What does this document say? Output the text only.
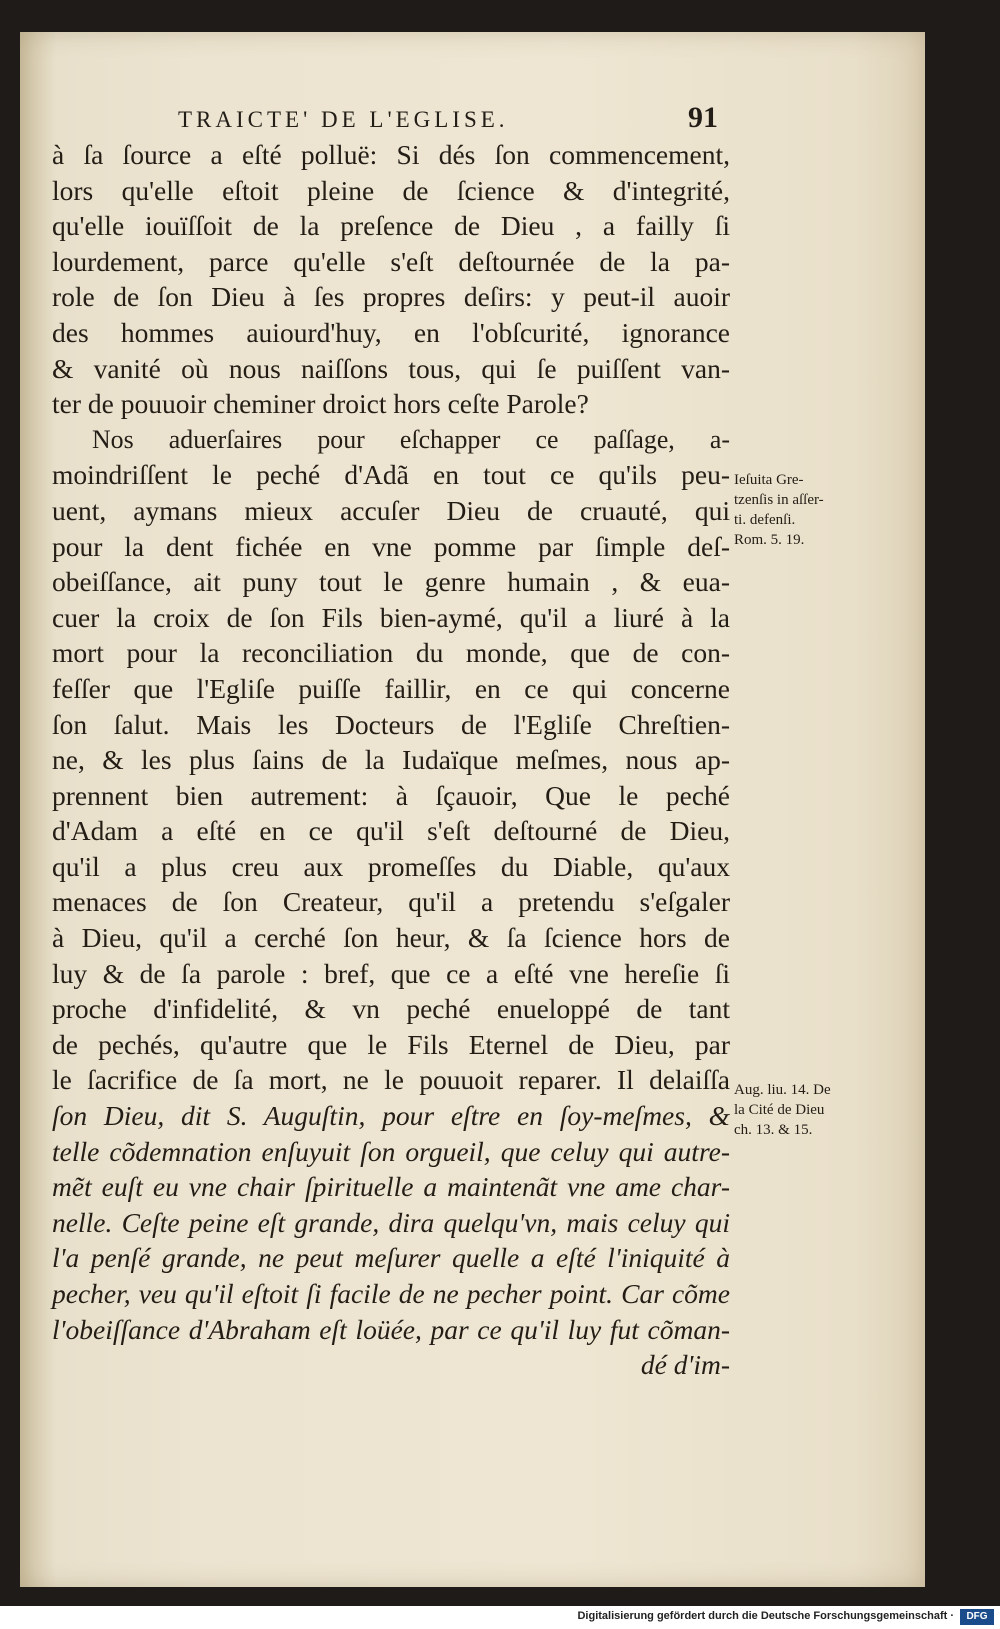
TRAICTE' DE L'EGLISE.	91
à ſa ſource a eſté polluë: Si dés ſon commencement,
lors qu'elle eſtoit pleine de ſcience & d'integrité,
qu'elle iouïſſoit de la preſence de Dieu , a failly ſi
lourdement, parce qu'elle s'eſt deſtournée de la pa-
role de ſon Dieu à ſes propres deſirs: y peut-il auoir
des hommes auiourd'huy, en l'obſcurité, ignorance
& vanité où nous naiſſons tous, qui ſe puiſſent van-
ter de pouuoir cheminer droict hors ceſte Parole?
Nos aduerſaires pour eſchapper ce paſſage, a-
moindriſſent le peché d'Adã en tout ce qu'ils peu-
uent, aymans mieux accuſer Dieu de cruauté, qui
pour la dent fichée en vne pomme par ſimple deſ-
obeiſſance, ait puny tout le genre humain , & eua-
cuer la croix de ſon Fils bien-aymé, qu'il a liuré à la
mort pour la reconciliation du monde, que de con-
feſſer que l'Egliſe puiſſe faillir, en ce qui concerne
ſon ſalut. Mais les Docteurs de l'Egliſe Chreſtien-
ne, & les plus ſains de la Iudaïque meſmes, nous ap-
prennent bien autrement: à ſçauoir, Que le peché
d'Adam a eſté en ce qu'il s'eſt deſtourné de Dieu,
qu'il a plus creu aux promeſſes du Diable, qu'aux
menaces de ſon Createur, qu'il a pretendu s'eſgaler
à Dieu, qu'il a cerché ſon heur, & ſa ſcience hors de
luy & de ſa parole : bref, que ce a eſté vne hereſie ſi
proche d'infidelité, & vn peché enueloppé de tant
de pechés, qu'autre que le Fils Eternel de Dieu, par
le ſacrifice de ſa mort, ne le pouuoit reparer. Il delaiſſa
ſon Dieu, dit S. Auguſtin, pour eſtre en ſoy-meſmes, &
telle cõdemnation enſuyuit ſon orgueil, que celuy qui autre-
mẽt euſt eu vne chair ſpirituelle a maintenãt vne ame char-
nelle. Ceſte peine eſt grande, dira quelqu'vn, mais celuy qui
l'a penſé grande, ne peut meſurer quelle a eſté l'iniquité à
pecher, veu qu'il eſtoit ſi facile de ne pecher point. Car cõme
l'obeiſſance d'Abraham eſt loüée, par ce qu'il luy fut cõman-
dé d'im-
Ieſuita Gre-
tzenſis in aſſer-
ti. defenſi.
Rom. 5. 19.
Aug. liu. 14. De
la Cité de Dieu
ch. 13. & 15.
Digitalisierung gefördert durch die Deutsche Forschungsgemeinschaft ·	DFG
